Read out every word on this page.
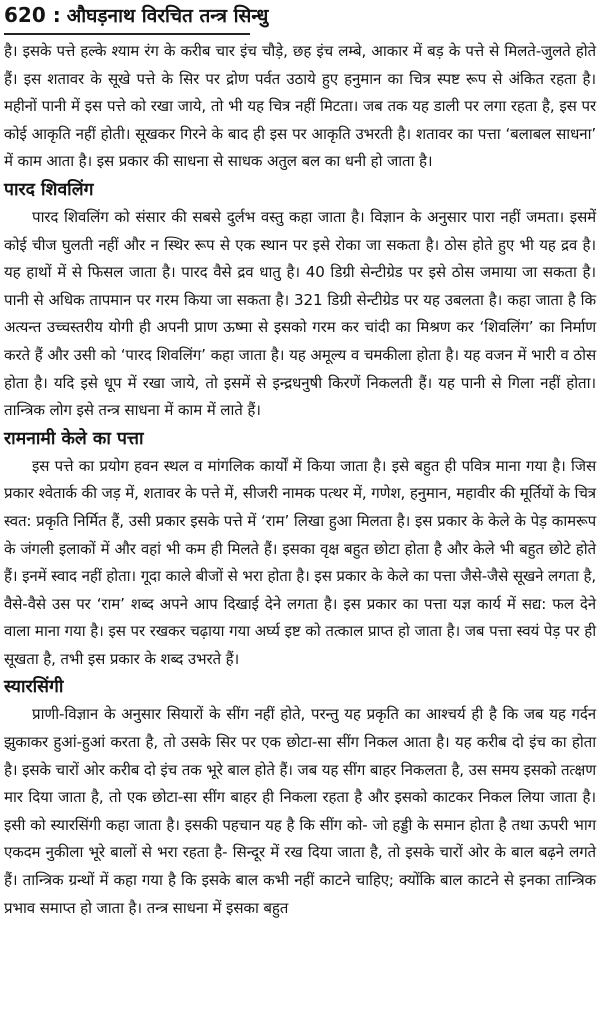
620 : औघड़नाथ विरचित तन्त्र सिन्धु

है। इसके पत्ते हल्के श्याम रंग के करीब चार इंच चौड़े, छह इंच लम्बे, आकार में बड़ के पत्ते से मिलते-जुलते होते हैं। इस शतावर के सूखे पत्ते के सिर पर द्रोण पर्वत उठाये हुए हनुमान का चित्र स्पष्ट रूप से अंकित रहता है। महीनों पानी में इस पत्ते को रखा जाये, तो भी यह चित्र नहीं मिटता। जब तक यह डाली पर लगा रहता है, इस पर कोई आकृति नहीं होती। सूखकर गिरने के बाद ही इस पर आकृति उभरती है। शतावर का पत्ता ‘बलाबल साधना’ में काम आता है। इस प्रकार की साधना से साधक अतुल बल का धनी हो जाता है।

पारद शिवलिंग

पारद शिवलिंग को संसार की सबसे दुर्लभ वस्तु कहा जाता है। विज्ञान के अनुसार पारा नहीं जमता। इसमें कोई चीज घुलती नहीं और न स्थिर रूप से एक स्थान पर इसे रोका जा सकता है। ठोस होते हुए भी यह द्रव है। यह हाथों में से फिसल जाता है। पारद वैसे द्रव धातु है। 40 डिग्री सेन्टीग्रेड पर इसे ठोस जमाया जा सकता है। पानी से अधिक तापमान पर गरम किया जा सकता है। 321 डिग्री सेन्टीग्रेड पर यह उबलता है। कहा जाता है कि अत्यन्त उच्चस्तरीय योगी ही अपनी प्राण ऊष्मा से इसको गरम कर चांदी का मिश्रण कर ‘शिवलिंग’ का निर्माण करते हैं और उसी को ‘पारद शिवलिंग’ कहा जाता है। यह अमूल्य व चमकीला होता है। यह वजन में भारी व ठोस होता है। यदि इसे धूप में रखा जाये, तो इसमें से इन्द्रधनुषी किरणें निकलती हैं। यह पानी से गिला नहीं होता। तान्त्रिक लोग इसे तन्त्र साधना में काम में लाते हैं।

रामनामी केले का पत्ता

इस पत्ते का प्रयोग हवन स्थल व मांगलिक कार्यों में किया जाता है। इसे बहुत ही पवित्र माना गया है। जिस प्रकार श्वेतार्क की जड़ में, शतावर के पत्ते में, सीजरी नामक पत्थर में, गणेश, हनुमान, महावीर की मूर्तियों के चित्र स्वत: प्रकृति निर्मित हैं, उसी प्रकार इसके पत्ते में ‘राम’ लिखा हुआ मिलता है। इस प्रकार के केले के पेड़ कामरूप के जंगली इलाकों में और वहां भी कम ही मिलते हैं। इसका वृक्ष बहुत छोटा होता है और केले भी बहुत छोटे होते हैं। इनमें स्वाद नहीं होता। गूदा काले बीजों से भरा होता है। इस प्रकार के केले का पत्ता जैसे-जैसे सूखने लगता है, वैसे-वैसे उस पर ‘राम’ शब्द अपने आप दिखाई देने लगता है। इस प्रकार का पत्ता यज्ञ कार्य में सद्य: फल देने वाला माना गया है। इस पर रखकर चढ़ाया गया अर्घ्य इष्ट को तत्काल प्राप्त हो जाता है। जब पत्ता स्वयं पेड़ पर ही सूखता है, तभी इस प्रकार के शब्द उभरते हैं।

स्यारसिंगी

प्राणी-विज्ञान के अनुसार सियारों के सींग नहीं होते, परन्तु यह प्रकृति का आश्चर्य ही है कि जब यह गर्दन झुकाकर हुआं-हुआं करता है, तो उसके सिर पर एक छोटा-सा सींग निकल आता है। यह करीब दो इंच का होता है। इसके चारों ओर करीब दो इंच तक भूरे बाल होते हैं। जब यह सींग बाहर निकलता है, उस समय इसको तत्क्षण मार दिया जाता है, तो एक छोटा-सा सींग बाहर ही निकला रहता है और इसको काटकर निकल लिया जाता है। इसी को स्यारसिंगी कहा जाता है। इसकी पहचान यह है कि सींग को- जो हड्डी के समान होता है तथा ऊपरी भाग एकदम नुकीला भूरे बालों से भरा रहता है- सिन्दूर में रख दिया जाता है, तो इसके चारों ओर के बाल बढ़ने लगते हैं। तान्त्रिक ग्रन्थों में कहा गया है कि इसके बाल कभी नहीं काटने चाहिए; क्योंकि बाल काटने से इनका तान्त्रिक प्रभाव समाप्त हो जाता है। तन्त्र साधना में इसका बहुत
